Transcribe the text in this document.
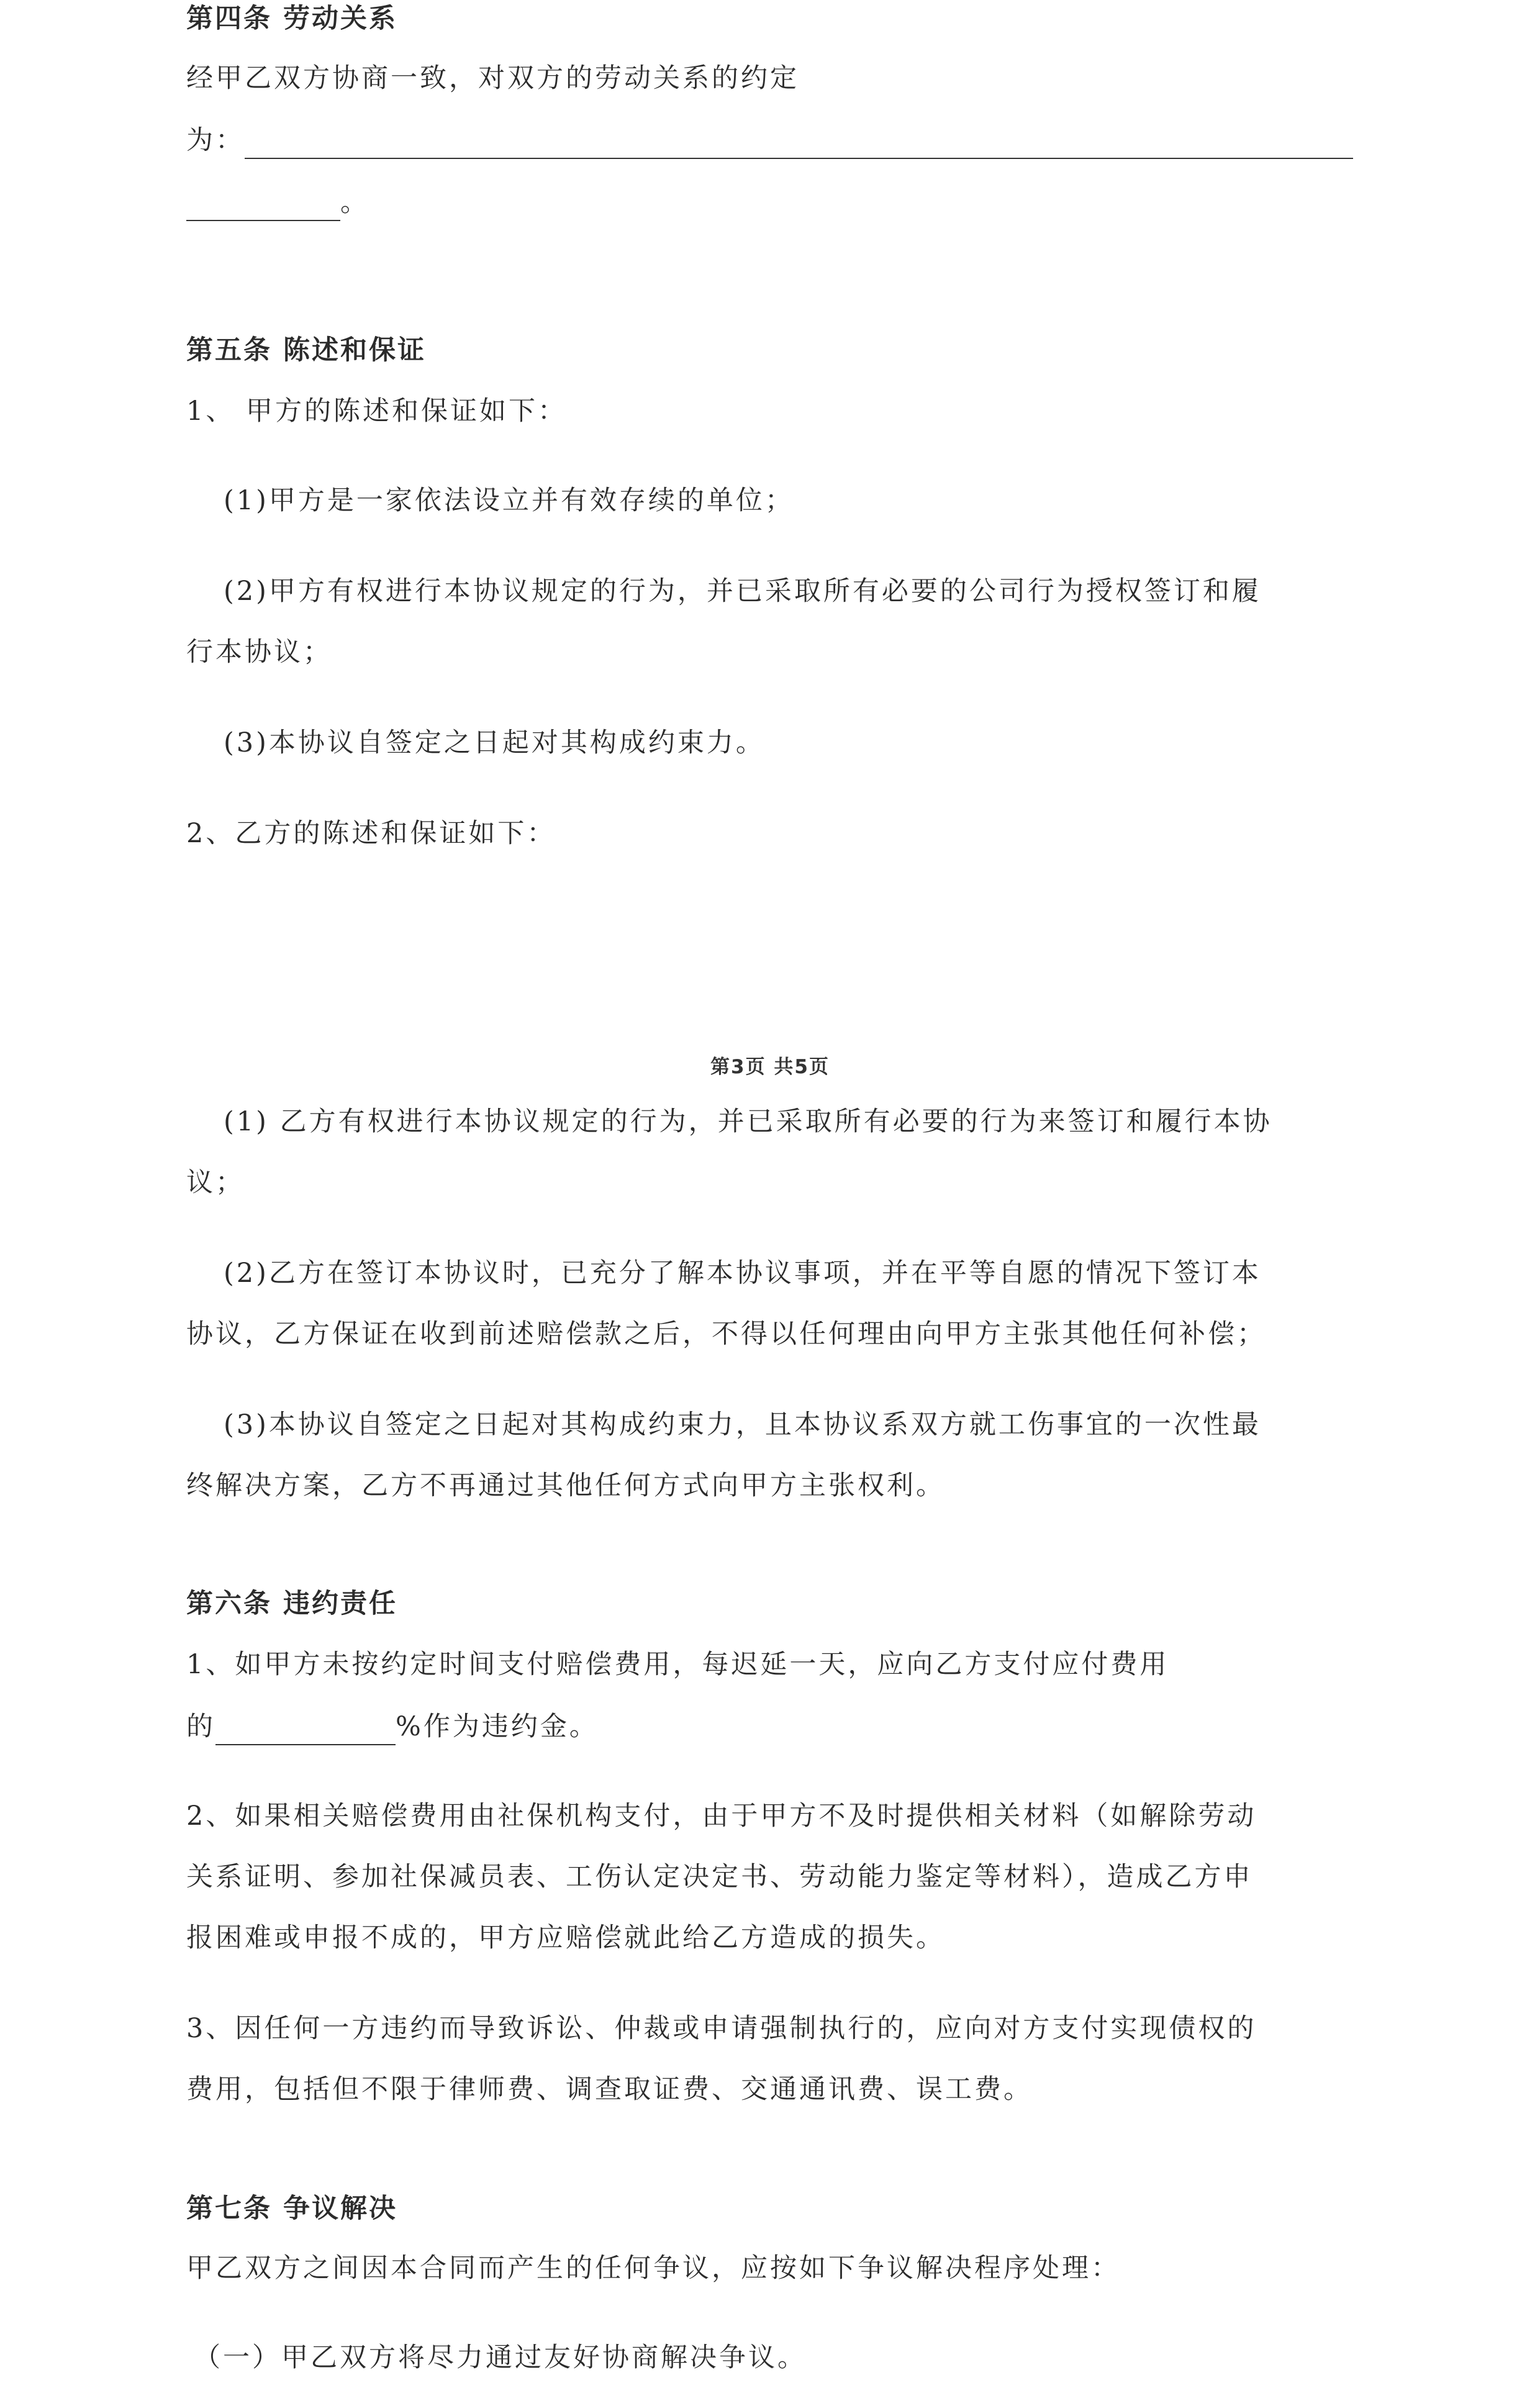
第四条 劳动关系
经甲乙双方协商一致，对双方的劳动关系的约定
为：
。
第五条 陈述和保证
1、 甲方的陈述和保证如下：
(1)甲方是一家依法设立并有效存续的单位；
(2)甲方有权进行本协议规定的行为，并已采取所有必要的公司行为授权签订和履
行本协议；
(3)本协议自签定之日起对其构成约束力。
2、乙方的陈述和保证如下：
第3页 共5页
(1) 乙方有权进行本协议规定的行为，并已采取所有必要的行为来签订和履行本协
议；
(2)乙方在签订本协议时，已充分了解本协议事项，并在平等自愿的情况下签订本
协议，乙方保证在收到前述赔偿款之后，不得以任何理由向甲方主张其他任何补偿；
(3)本协议自签定之日起对其构成约束力，且本协议系双方就工伤事宜的一次性最
终解决方案，乙方不再通过其他任何方式向甲方主张权利。
第六条 违约责任
1、如甲方未按约定时间支付赔偿费用，每迟延一天，应向乙方支付应付费用
的	%作为违约金。
2、如果相关赔偿费用由社保机构支付，由于甲方不及时提供相关材料（如解除劳动
关系证明、参加社保减员表、工伤认定决定书、劳动能力鉴定等材料），造成乙方申
报困难或申报不成的，甲方应赔偿就此给乙方造成的损失。
3、因任何一方违约而导致诉讼、仲裁或申请强制执行的，应向对方支付实现债权的
费用，包括但不限于律师费、调查取证费、交通通讯费、误工费。
第七条 争议解决
甲乙双方之间因本合同而产生的任何争议，应按如下争议解决程序处理：
（一）甲乙双方将尽力通过友好协商解决争议。
